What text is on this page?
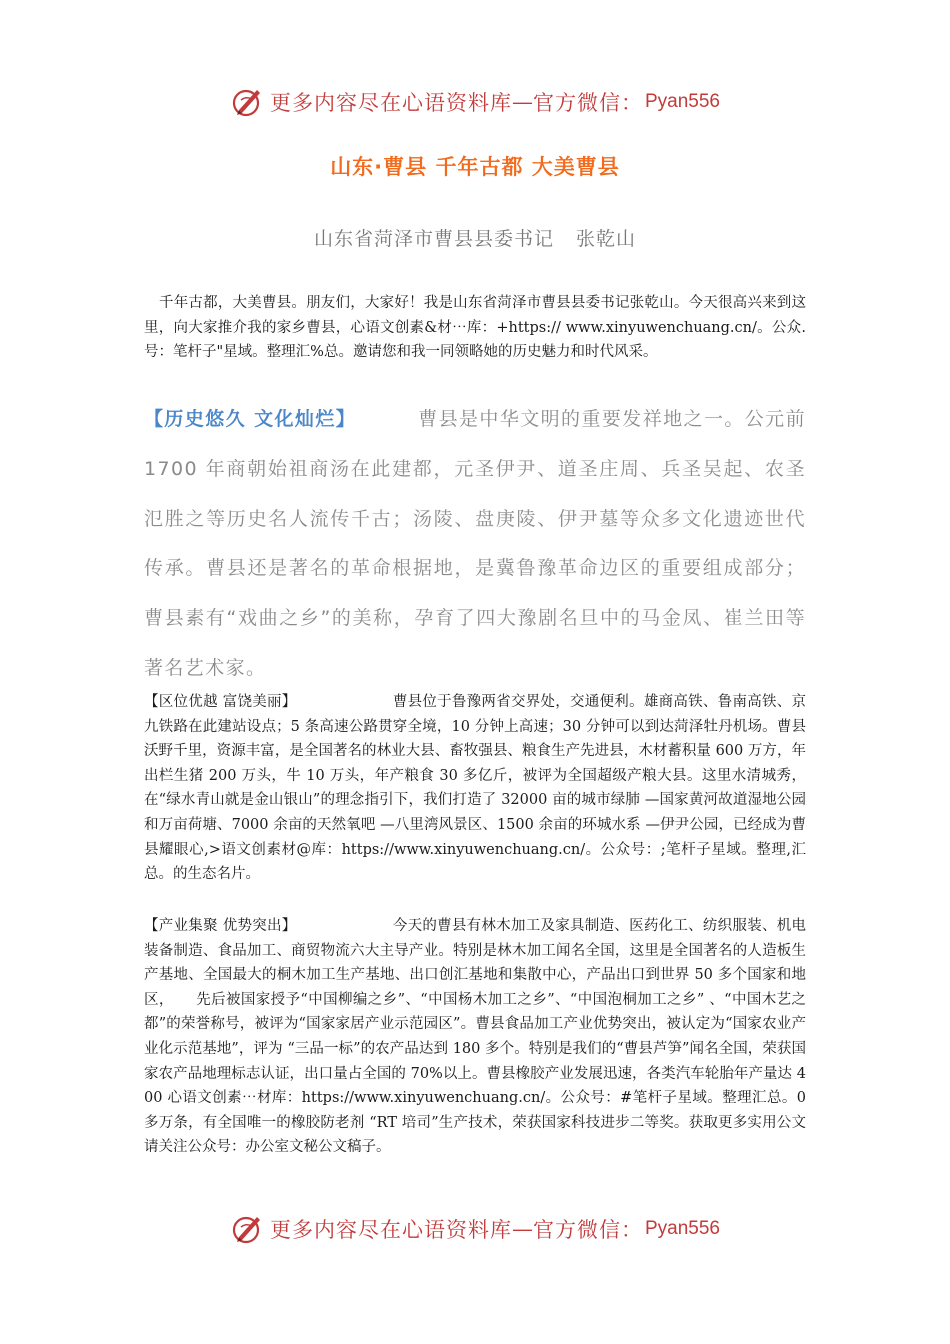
更多内容尽在心语资料库 — 官方微信： Pyan556
山东·曹县 千年古都 大美曹县
山东省菏泽市曹县县委书记 张乾山

千年古都，大美曹县。朋友们，大家好！我是山东省菏泽市曹县县委书记张乾山。今天很高兴来到这里，向大家推介我的家乡曹县，心语文创素&材⋯库：+https:// www.xinyuwenchuang.cn/。公众.号：笔杆子"星域。整理汇%总。邀请您和我一同领略她的历史魅力和时代风采。

【历史悠久 文化灿烂】	曹县是中华文明的重要发祥地之一。公元前 1700 年商朝始祖商汤在此建都，元圣伊尹、道圣庄周、兵圣吴起、农圣氾胜之等历史名人流传千古；汤陵、盘庚陵、伊尹墓等众多文化遗迹世代传承。曹县还是著名的革命根据地，是冀鲁豫革命边区的重要组成部分；曹县素有“戏曲之乡”的美称，孕育了四大豫剧名旦中的马金凤、崔兰田等著名艺术家。

【区位优越 富饶美丽】	曹县位于鲁豫两省交界处，交通便利。雄商高铁、鲁南高铁、京九铁路在此建站设点；5 条高速公路贯穿全境，10 分钟上高速；30 分钟可以到达菏泽牡丹机场。曹县沃野千里，资源丰富，是全国著名的林业大县、畜牧强县、粮食生产先进县，木材蓄积量 600 万方，年出栏生猪 200 万头，牛 10 万头，年产粮食 30 多亿斤，被评为全国超级产粮大县。这里水清城秀，在“绿水青山就是金山银山”的理念指引下，我们打造了 32000 亩的城市绿肺 —国家黄河故道湿地公园和万亩荷塘、7000 余亩的天然氧吧 —八里湾风景区、1500 余亩的环城水系 —伊尹公园，已经成为曹县耀眼心,>语文创素材@库：https://www.xinyuwenchuang.cn/。公众号：;笔杆子星域。整理,汇总。的生态名片。

【产业集聚 优势突出】	今天的曹县有林木加工及家具制造、医药化工、纺织服装、机电装备制造、食品加工、商贸物流六大主导产业。特别是林木加工闻名全国，这里是全国著名的人造板生产基地、全国最大的桐木加工生产基地、出口创汇基地和集散中心，产品出口到世界 50 多个国家和地区， 先后被国家授予“中国柳编之乡”、“中国杨木加工之乡”、“中国泡桐加工之乡” 、“中国木艺之都”的荣誉称号，被评为“国家家居产业示范园区”。曹县食品加工产业优势突出，被认定为“国家农业产业化示范基地”，评为 “三品一标”的农产品达到 180 多个。特别是我们的“曹县芦笋”闻名全国，荣获国家农产品地理标志认证，出口量占全国的 70%以上。曹县橡胶产业发展迅速，各类汽车轮胎年产量达 400 心语文创素⋯材库：https://www.xinyuwenchuang.cn/。公众号：#笔杆子星域。整理汇总。0 多万条，有全国唯一的橡胶防老剂 “RT 培司”生产技术，荣获国家科技进步二等奖。获取更多实用公文请关注公众号：办公室文秘公文稿子。

更多内容尽在心语资料库 — 官方微信： Pyan556
